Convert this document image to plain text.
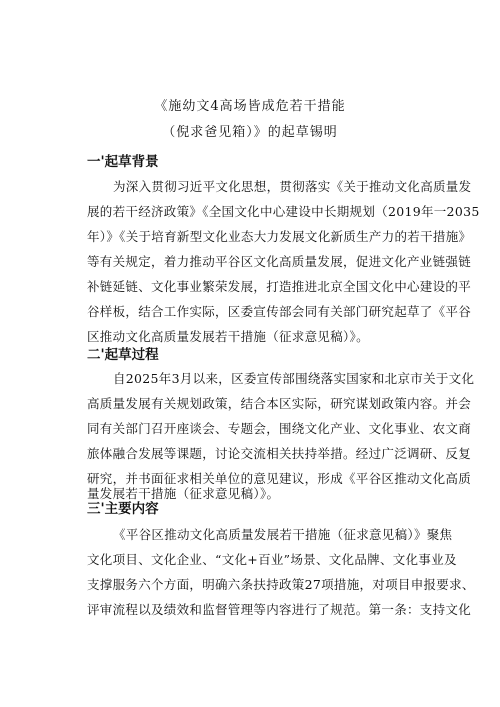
《施幼文4高场皆成危若干措能
（倪求爸见箱）》的起草锡明
一'起草背景
为深入贯彻习近平文化思想，贯彻落实《关于推动文化高质量发
展的若干经济政策》《全国文化中心建设中长期规划（2019年一2035
年）》《关于培育新型文化业态大力发展文化新质生产力的若干措施》
等有关规定，着力推动平谷区文化高质量发展，促进文化产业链强链
补链延链、文化事业繁荣发展，打造推进北京全国文化中心建设的平
谷样板，结合工作实际，区委宣传部会同有关部门研究起草了《平谷
区推动文化高质量发展若干措施（征求意见稿）》。
二'起草过程
自2025年3月以来，区委宣传部围绕落实国家和北京市关于文化
高质量发展有关规划政策，结合本区实际，研究谋划政策内容。并会
同有关部门召开座谈会、专题会，围绕文化产业、文化事业、农文商
旅体融合发展等课题，讨论交流相关扶持举措。经过广泛调研、反复
研究，并书面征求相关单位的意见建议，形成《平谷区推动文化高质
量发展若干措施（征求意见稿）》。
三'主要内容
《平谷区推动文化高质量发展若干措施（征求意见稿）》聚焦
文化项目、文化企业、“文化+百业”场景、文化品牌、文化事业及
支撑服务六个方面，明确六条扶持政策27项措施，对项目申报要求、
评审流程以及绩效和监督管理等内容进行了规范。第一条：支持文化
